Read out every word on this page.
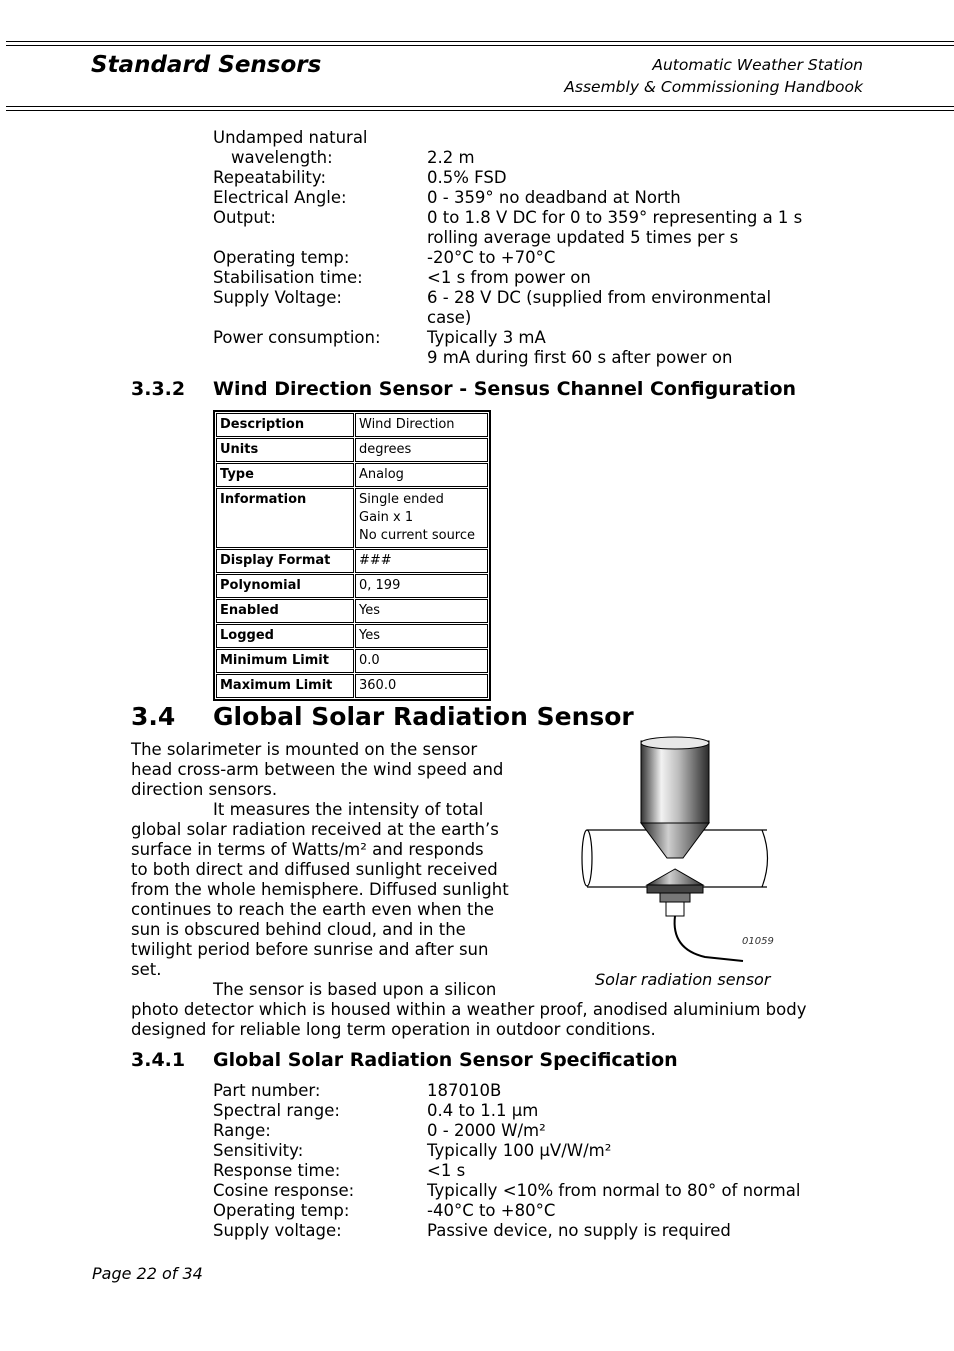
Standard Sensors	Automatic Weather Station
Assembly & Commissioning Handbook
Undamped natural
wavelength:	2.2 m
Repeatability:	0.5% FSD
Electrical Angle:	0 - 359° no deadband at North
Output:	0 to 1.8 V DC for 0 to 359° representing a 1 s
rolling average updated 5 times per s
Operating temp:	-20°C to +70°C
Stabilisation time:	<1 s from power on
Supply Voltage:	6 - 28 V DC (supplied from environmental
case)
Power consumption:	Typically 3 mA
9 mA during first 60 s after power on
3.3.2 Wind Direction Sensor - Sensus Channel Configuration
Description	Wind Direction
Units	degrees
Type	Analog
Information	Single ended
Gain x 1
No current source

Display Format	###
Polynomial	0, 199
Enabled	Yes
Logged	Yes
Minimum Limit	0.0
Maximum Limit	360.0
3.4 Global Solar Radiation Sensor

The solarimeter is mounted on the sensor
head cross-arm between the wind speed and
direction sensors.

It measures the intensity of total
global solar radiation received at the earth’s
surface in terms of Watts/m² and responds
to both direct and diffused sunlight received
from the whole hemisphere. Diffused sunlight
continues to reach the earth even when the
sun is obscured behind cloud, and in the
twilight period before sunrise and after sun
set.

The sensor is based upon a silicon
photo detector which is housed within a weather proof, anodised aluminium body
designed for reliable long term operation in outdoor conditions.

01059
Solar radiation sensor
3.4.1 Global Solar Radiation Sensor Specification
Part number:	187010B
Spectral range:	0.4 to 1.1 µm
Range:	0 - 2000 W/m²
Sensitivity:	Typically 100 µV/W/m²
Response time:	<1 s
Cosine response:	Typically <10% from normal to 80° of normal
Operating temp:	-40°C to +80°C
Supply voltage:	Passive device, no supply is required
Page 22 of 34
